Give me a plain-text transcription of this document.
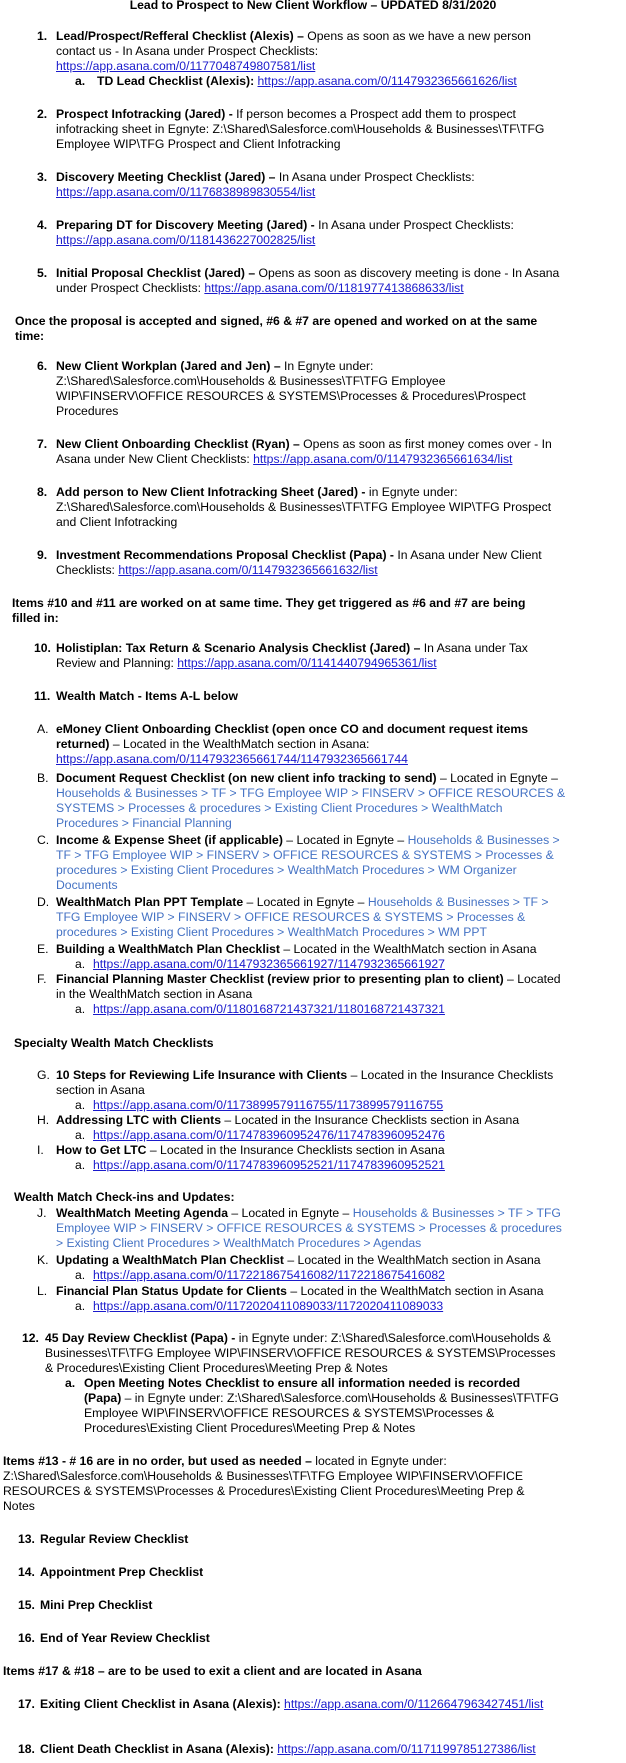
Lead to Prospect to New Client Workflow – UPDATED 8/31/2020
1. Lead/Prospect/Refferal Checklist (Alexis) – Opens as soon as we have a new person
contact us - In Asana under Prospect Checklists:
https://app.asana.com/0/1177048749807581/list
a. TD Lead Checklist (Alexis): https://app.asana.com/0/1147932365661626/list
2. Prospect Infotracking (Jared) - If person becomes a Prospect add them to prospect
infotracking sheet in Egnyte: Z:\Shared\Salesforce.com\Households & Businesses\TF\TFG
Employee WIP\TFG Prospect and Client Infotracking
3. Discovery Meeting Checklist (Jared) – In Asana under Prospect Checklists:
https://app.asana.com/0/1176838989830554/list
4. Preparing DT for Discovery Meeting (Jared) - In Asana under Prospect Checklists:
https://app.asana.com/0/1181436227002825/list
5. Initial Proposal Checklist (Jared) – Opens as soon as discovery meeting is done - In Asana
under Prospect Checklists: https://app.asana.com/0/1181977413868633/list
Once the proposal is accepted and signed, #6 & #7 are opened and worked on at the same
time:
6. New Client Workplan (Jared and Jen) – In Egnyte under:
Z:\Shared\Salesforce.com\Households & Businesses\TF\TFG Employee
WIP\FINSERV\OFFICE RESOURCES & SYSTEMS\Processes & Procedures\Prospect
Procedures
7. New Client Onboarding Checklist (Ryan) – Opens as soon as first money comes over - In
Asana under New Client Checklists: https://app.asana.com/0/1147932365661634/list
8. Add person to New Client Infotracking Sheet (Jared) - in Egnyte under:
Z:\Shared\Salesforce.com\Households & Businesses\TF\TFG Employee WIP\TFG Prospect
and Client Infotracking
9. Investment Recommendations Proposal Checklist (Papa) - In Asana under New Client
Checklists: https://app.asana.com/0/1147932365661632/list
Items #10 and #11 are worked on at same time. They get triggered as #6 and #7 are being
filled in:
10. Holistiplan: Tax Return & Scenario Analysis Checklist (Jared) – In Asana under Tax
Review and Planning: https://app.asana.com/0/1141440794965361/list
11. Wealth Match - Items A-L below
A. eMoney Client Onboarding Checklist (open once CO and document request items
returned) – Located in the WealthMatch section in Asana:
https://app.asana.com/0/1147932365661744/1147932365661744
B. Document Request Checklist (on new client info tracking to send) – Located in Egnyte –
Households & Businesses > TF > TFG Employee WIP > FINSERV > OFFICE RESOURCES &
SYSTEMS > Processes & procedures > Existing Client Procedures > WealthMatch
Procedures > Financial Planning
C. Income & Expense Sheet (if applicable) – Located in Egnyte – Households & Businesses >
TF > TFG Employee WIP > FINSERV > OFFICE RESOURCES & SYSTEMS > Processes &
procedures > Existing Client Procedures > WealthMatch Procedures > WM Organizer
Documents
D. WealthMatch Plan PPT Template – Located in Egnyte – Households & Businesses > TF >
TFG Employee WIP > FINSERV > OFFICE RESOURCES & SYSTEMS > Processes &
procedures > Existing Client Procedures > WealthMatch Procedures > WM PPT
E. Building a WealthMatch Plan Checklist – Located in the WealthMatch section in Asana
a. https://app.asana.com/0/1147932365661927/1147932365661927
F. Financial Planning Master Checklist (review prior to presenting plan to client) – Located
in the WealthMatch section in Asana
a. https://app.asana.com/0/1180168721437321/1180168721437321
Specialty Wealth Match Checklists
G. 10 Steps for Reviewing Life Insurance with Clients – Located in the Insurance Checklists
section in Asana
a. https://app.asana.com/0/1173899579116755/1173899579116755
H. Addressing LTC with Clients – Located in the Insurance Checklists section in Asana
a. https://app.asana.com/0/1174783960952476/1174783960952476
I. How to Get LTC – Located in the Insurance Checklists section in Asana
a. https://app.asana.com/0/1174783960952521/1174783960952521
Wealth Match Check-ins and Updates:
J. WealthMatch Meeting Agenda – Located in Egnyte – Households & Businesses > TF > TFG
Employee WIP > FINSERV > OFFICE RESOURCES & SYSTEMS > Processes & procedures
> Existing Client Procedures > WealthMatch Procedures > Agendas
K. Updating a WealthMatch Plan Checklist – Located in the WealthMatch section in Asana
a. https://app.asana.com/0/1172218675416082/1172218675416082
L. Financial Plan Status Update for Clients – Located in the WealthMatch section in Asana
a. https://app.asana.com/0/1172020411089033/1172020411089033
12. 45 Day Review Checklist (Papa) - in Egnyte under: Z:\Shared\Salesforce.com\Households &
Businesses\TF\TFG Employee WIP\FINSERV\OFFICE RESOURCES & SYSTEMS\Processes
& Procedures\Existing Client Procedures\Meeting Prep & Notes
a. Open Meeting Notes Checklist to ensure all information needed is recorded
(Papa) – in Egnyte under: Z:\Shared\Salesforce.com\Households & Businesses\TF\TFG
Employee WIP\FINSERV\OFFICE RESOURCES & SYSTEMS\Processes &
Procedures\Existing Client Procedures\Meeting Prep & Notes
Items #13 - # 16 are in no order, but used as needed – located in Egnyte under:
Z:\Shared\Salesforce.com\Households & Businesses\TF\TFG Employee WIP\FINSERV\OFFICE
RESOURCES & SYSTEMS\Processes & Procedures\Existing Client Procedures\Meeting Prep &
Notes
13. Regular Review Checklist
14. Appointment Prep Checklist
15. Mini Prep Checklist
16. End of Year Review Checklist
Items #17 & #18 – are to be used to exit a client and are located in Asana
17. Exiting Client Checklist in Asana (Alexis): https://app.asana.com/0/1126647963427451/list
18. Client Death Checklist in Asana (Alexis): https://app.asana.com/0/1171199785127386/list
